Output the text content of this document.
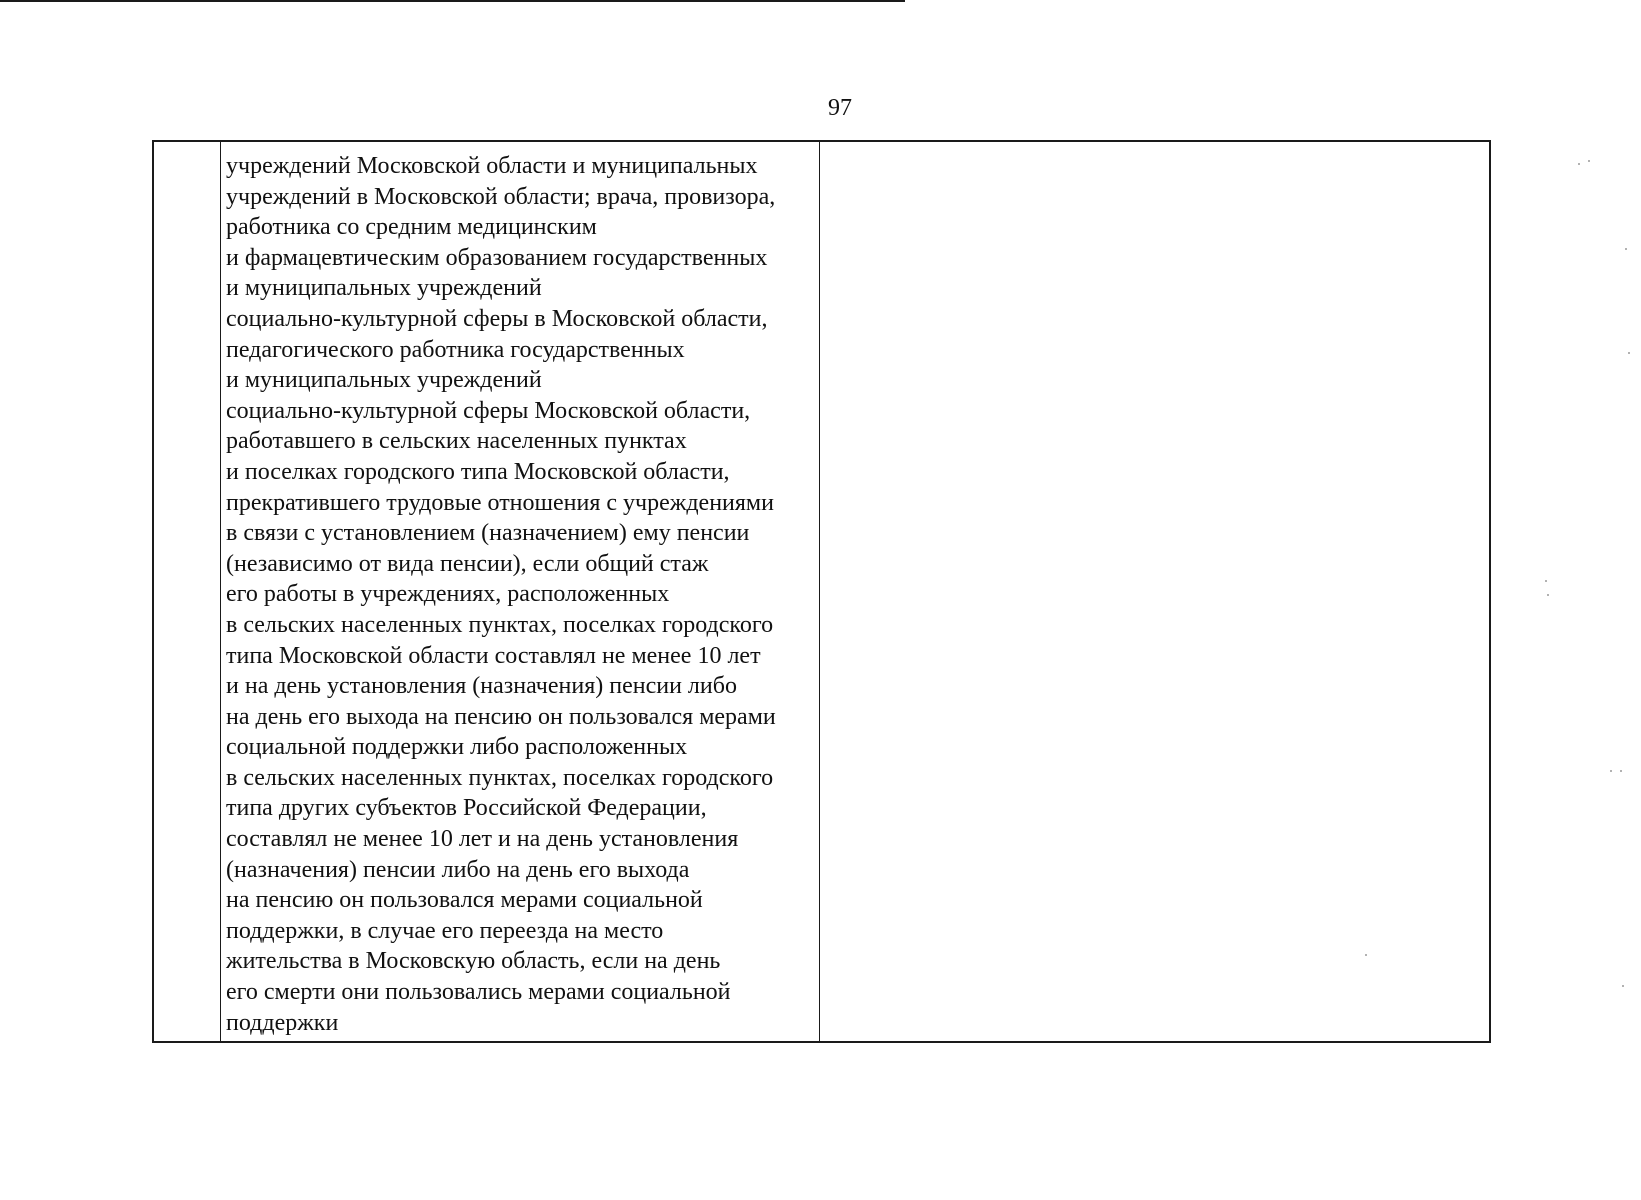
97
учреждений Московской области и муниципальных
учреждений в Московской области; врача, провизора,
работника со средним медицинским
и фармацевтическим образованием государственных
и муниципальных учреждений
социально-культурной сферы в Московской области,
педагогического работника государственных
и муниципальных учреждений
социально-культурной сферы Московской области,
работавшего в сельских населенных пунктах
и поселках городского типа Московской области,
прекратившего трудовые отношения с учреждениями
в связи с установлением (назначением) ему пенсии
(независимо от вида пенсии), если общий стаж
его работы в учреждениях, расположенных
в сельских населенных пунктах, поселках городского
типа Московской области составлял не менее 10 лет
и на день установления (назначения) пенсии либо
на день его выхода на пенсию он пользовался мерами
социальной поддержки либо расположенных
в сельских населенных пунктах, поселках городского
типа других субъектов Российской Федерации,
составлял не менее 10 лет и на день установления
(назначения) пенсии либо на день его выхода
на пенсию он пользовался мерами социальной
поддержки, в случае его переезда на место
жительства в Московскую область, если на день
его смерти они пользовались мерами социальной
поддержки
